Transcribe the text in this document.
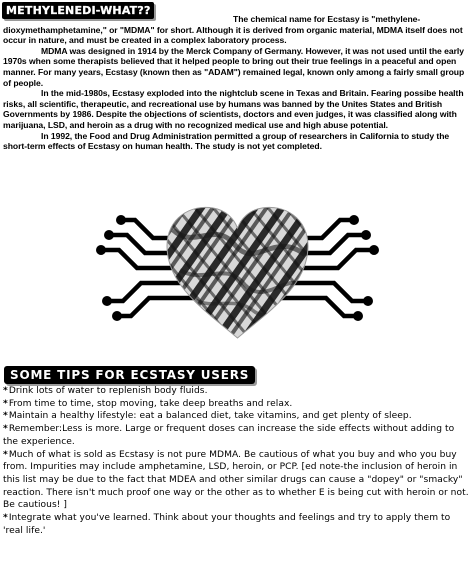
METHYLENEDI-WHAT??

The chemical name for Ecstasy is "methylene-dioxymethamphetamine," or "MDMA" for short. Although it is derived from organic material, MDMA itself does not occur in nature, and must be created in a complex laboratory process.

MDMA was designed in 1914 by the Merck Company of Germany. However, it was not used until the early 1970s when some therapists believed that it helped people to bring out their true feelings in a peaceful and open manner. For many years, Ecstasy (known then as "ADAM") remained legal, known only among a fairly small group of people.

In the mid-1980s, Ecstasy exploded into the nightclub scene in Texas and Britain. Fearing possibe health risks, all scientific, therapeutic, and recreational use by humans was banned by the Unites States and British Governments by 1986. Despite the objections of scientists, doctors and even judges, it was classified along with marijuana, LSD, and heroin as a drug with no recognized medical use and high abuse potential.

In 1992, the Food and Drug Administration permitted a group of researchers in California to study the short-term effects of Ecstasy on human health. The study is not yet completed.

SOME TIPS FOR ECSTASY USERS
*Drink lots of water to replenish body fluids.
*From time to time, stop moving, take deep breaths and relax.
*Maintain a healthy lifestyle: eat a balanced diet, take vitamins, and get plenty of sleep.
*Remember:Less is more. Large or frequent doses can increase the side effects without adding to the experience.
*Much of what is sold as Ecstasy is not pure MDMA. Be cautious of what you buy and who you buy from. Impurities may include amphetamine, LSD, heroin, or PCP. [ed note-the inclusion of heroin in this list may be due to the fact that MDEA and other similar drugs can cause a "dopey" or "smacky" reaction. There isn't much proof one way or the other as to whether E is being cut with heroin or not. Be cautious! ]
*Integrate what you've learned. Think about your thoughts and feelings and try to apply them to 'real life.'
